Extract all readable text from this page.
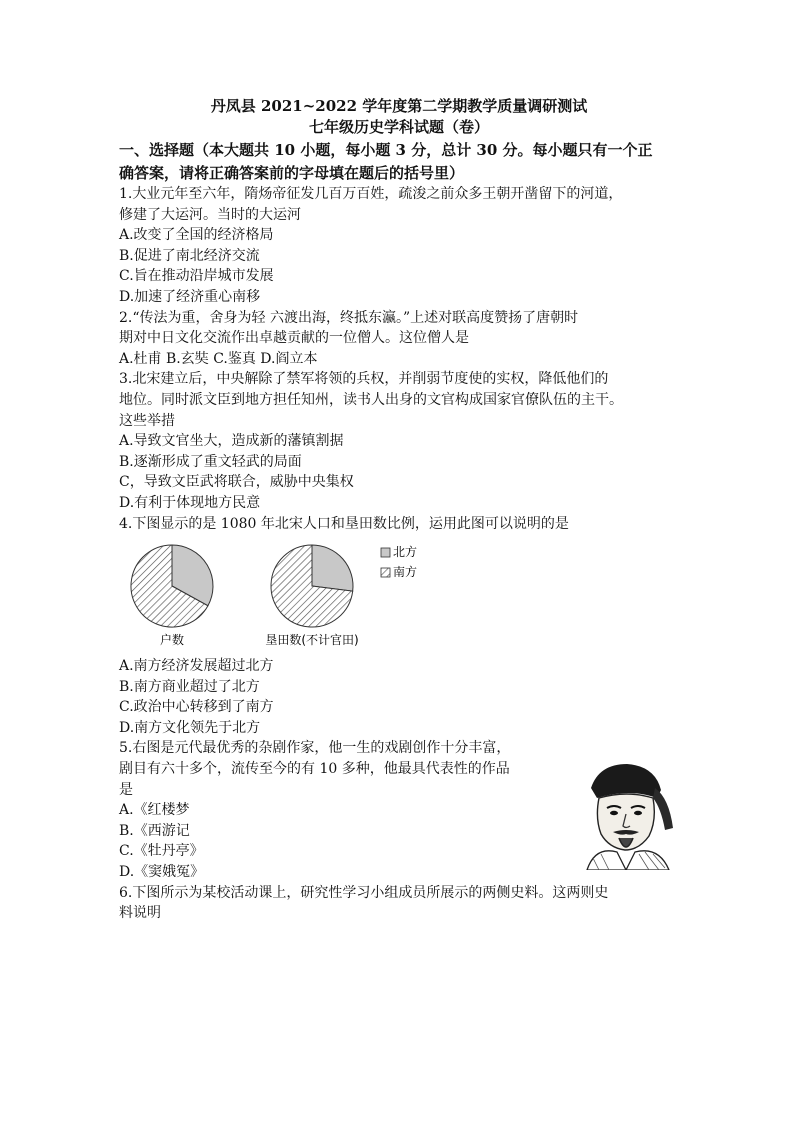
丹凤县 2021~2022 学年度第二学期教学质量调研测试
七年级历史学科试题（卷）
一、选择题（本大题共 10 小题，每小题 3 分，总计 30 分。每小题只有一个正
确答案，请将正确答案前的字母填在题后的括号里）
1.大业元年至六年，隋炀帝征发几百万百姓，疏浚之前众多王朝开凿留下的河道，
修建了大运河。当时的大运河
A.改变了全国的经济格局
B.促进了南北经济交流
C.旨在推动沿岸城市发展
D.加速了经济重心南移
2.“传法为重，舍身为轻 六渡出海，终抵东瀛。”上述对联高度赞扬了唐朝时
期对中日文化交流作出卓越贡献的一位僧人。这位僧人是
A.杜甫 B.玄奘 C.鉴真 D.阎立本
3.北宋建立后，中央解除了禁军将领的兵权，并削弱节度使的实权，降低他们的
地位。同时派文臣到地方担任知州，读书人出身的文官构成国家官僚队伍的主干。
这些举措
A.导致文官坐大，造成新的藩镇割据
B.逐渐形成了重文轻武的局面
C，导致文臣武将联合，威胁中央集权
D.有利于体现地方民意
4.下图显示的是 1080 年北宋人口和垦田数比例，运用此图可以说明的是
北方
南方
户数	垦田数(不计官田)
A.南方经济发展超过北方
B.南方商业超过了北方
C.政治中心转移到了南方
D.南方文化领先于北方
5.右图是元代最优秀的杂剧作家，他一生的戏剧创作十分丰富，
剧目有六十多个，流传至今的有 10 多种，他最具代表性的作品
是
A.《红楼梦
B.《西游记
C.《牡丹亭》
D.《窦娥冤》
6.下图所示为某校活动课上，研究性学习小组成员所展示的两侧史料。这两则史
料说明
